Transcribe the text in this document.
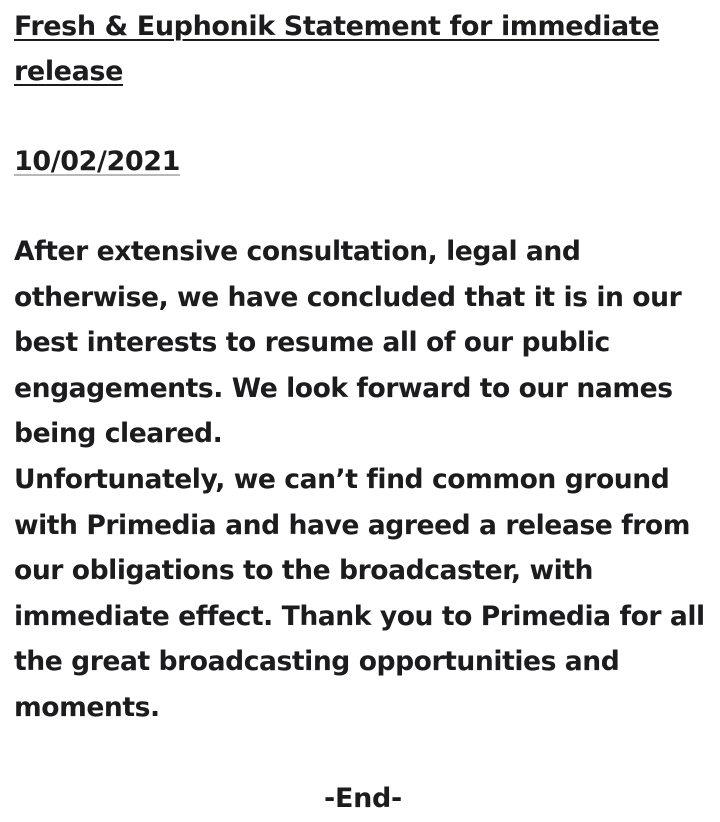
Fresh & Euphonik Statement for immediate release
10/02/2021

After extensive consultation, legal and otherwise, we have concluded that it is in our best interests to resume all of our public engagements. We look forward to our names being cleared.

Unfortunately, we can’t find common ground with Primedia and have agreed a release from our obligations to the broadcaster, with immediate effect. Thank you to Primedia for all the great broadcasting opportunities and moments.

-End-
